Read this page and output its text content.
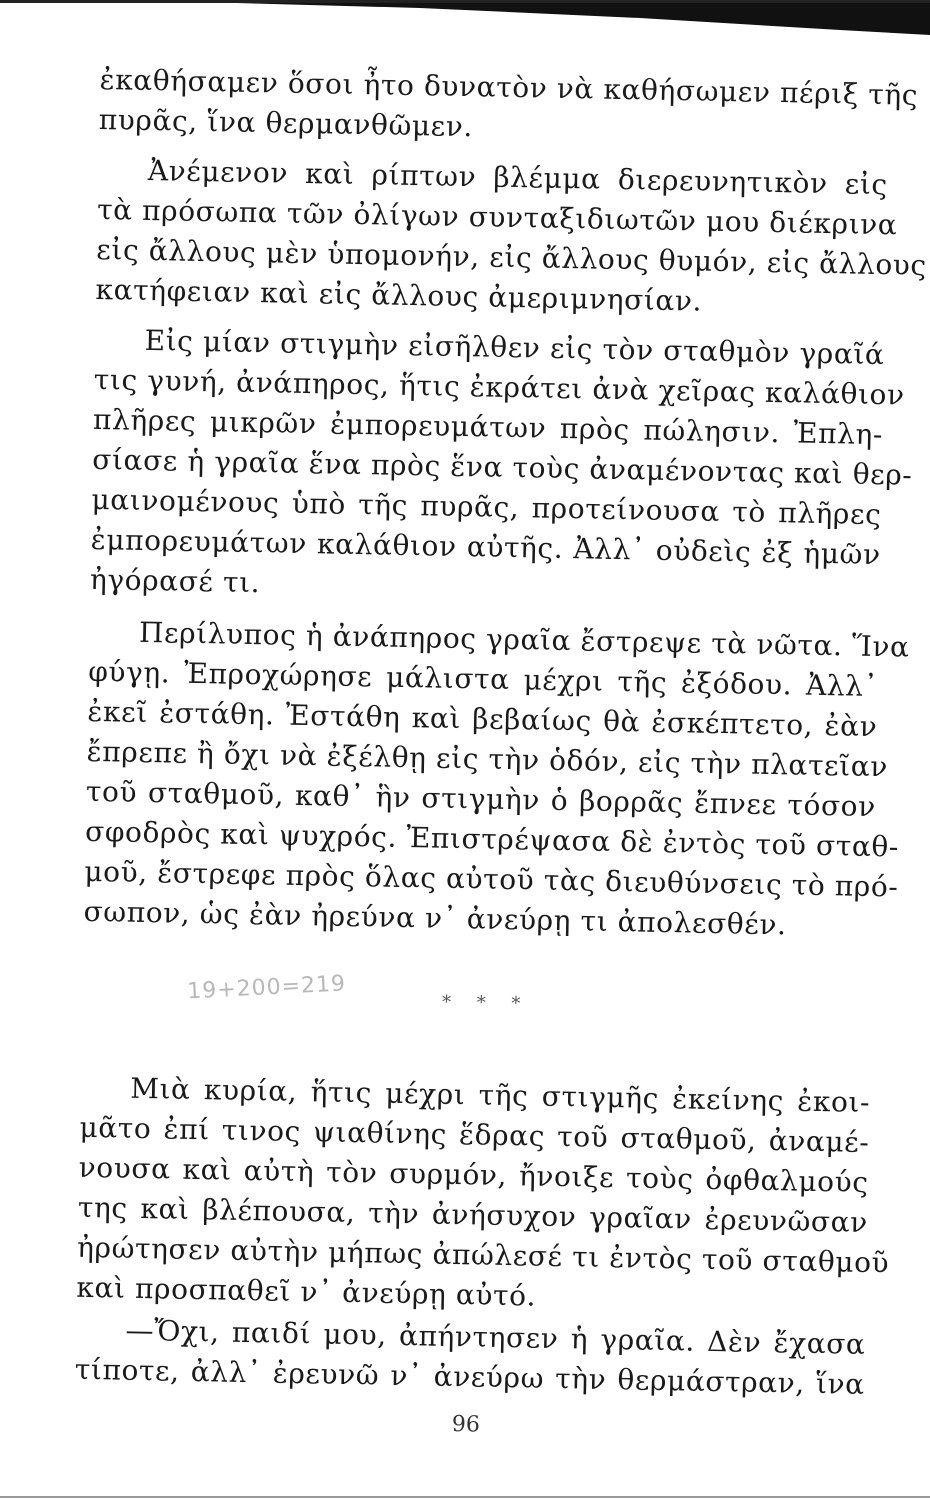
ἐκαθήσαμεν ὅσοι ἦτο δυνατὸν νὰ καθήσωμεν πέριξ τῆς
πυρᾶς, ἵνα θερμανθῶμεν.
Ἀνέμενον καὶ ρίπτων βλέμμα διερευνητικὸν εἰς
τὰ πρόσωπα τῶν ὀλίγων συνταξιδιωτῶν μου διέκρινα
εἰς ἄλλους μὲν ὑπομονήν, εἰς ἄλλους θυμόν, εἰς ἄλλους
κατήφειαν καὶ εἰς ἄλλους ἀμεριμνησίαν.
Εἰς μίαν στιγμὴν εἰσῆλθεν εἰς τὸν σταθμὸν γραῖά
τις γυνή, ἀνάπηρος, ἥτις ἐκράτει ἀνὰ χεῖρας καλάθιον
πλῆρες μικρῶν ἐμπορευμάτων πρὸς πώλησιν. Ἐπλη-
σίασε ἡ γραῖα ἕνα πρὸς ἕνα τοὺς ἀναμένοντας καὶ θερ-
μαινομένους ὑπὸ τῆς πυρᾶς, προτείνουσα τὸ πλῆρες
ἐμπορευμάτων καλάθιον αὐτῆς. Ἀλλ᾽ οὐδεὶς ἐξ ἡμῶν
ἠγόρασέ τι.
Περίλυπος ἡ ἀνάπηρος γραῖα ἔστρεψε τὰ νῶτα. Ἵνα
φύγῃ. Ἐπροχώρησε μάλιστα μέχρι τῆς ἐξόδου. Ἀλλ᾽
ἐκεῖ ἐστάθη. Ἐστάθη καὶ βεβαίως θὰ ἐσκέπτετο, ἐὰν
ἔπρεπε ἢ ὄχι νὰ ἐξέλθῃ εἰς τὴν ὁδόν, εἰς τὴν πλατεῖαν
τοῦ σταθμοῦ, καθ᾽ ἣν στιγμὴν ὁ βορρᾶς ἔπνεε τόσον
σφοδρὸς καὶ ψυχρός. Ἐπιστρέψασα δὲ ἐντὸς τοῦ σταθ-
μοῦ, ἔστρεφε πρὸς ὅλας αὐτοῦ τὰς διευθύνσεις τὸ πρό-
σωπον, ὡς ἐὰν ἠρεύνα ν᾽ ἀνεύρῃ τι ἀπολεσθέν.
19+200=219	* * *
Μιὰ κυρία, ἥτις μέχρι τῆς στιγμῆς ἐκείνης ἐκοι-
μᾶτο ἐπί τινος ψιαθίνης ἕδρας τοῦ σταθμοῦ, ἀναμέ-
νουσα καὶ αὐτὴ τὸν συρμόν, ἤνοιξε τοὺς ὀφθαλμούς
της καὶ βλέπουσα, τὴν ἀνήσυχον γραῖαν ἐρευνῶσαν
ἠρώτησεν αὐτὴν μήπως ἀπώλεσέ τι ἐντὸς τοῦ σταθμοῦ
καὶ προσπαθεῖ ν᾽ ἀνεύρῃ αὐτό.
—Ὄχι, παιδί μου, ἀπήντησεν ἡ γραῖα. Δὲν ἔχασα
τίποτε, ἀλλ᾽ ἐρευνῶ ν᾽ ἀνεύρω τὴν θερμάστραν, ἵνα
96
